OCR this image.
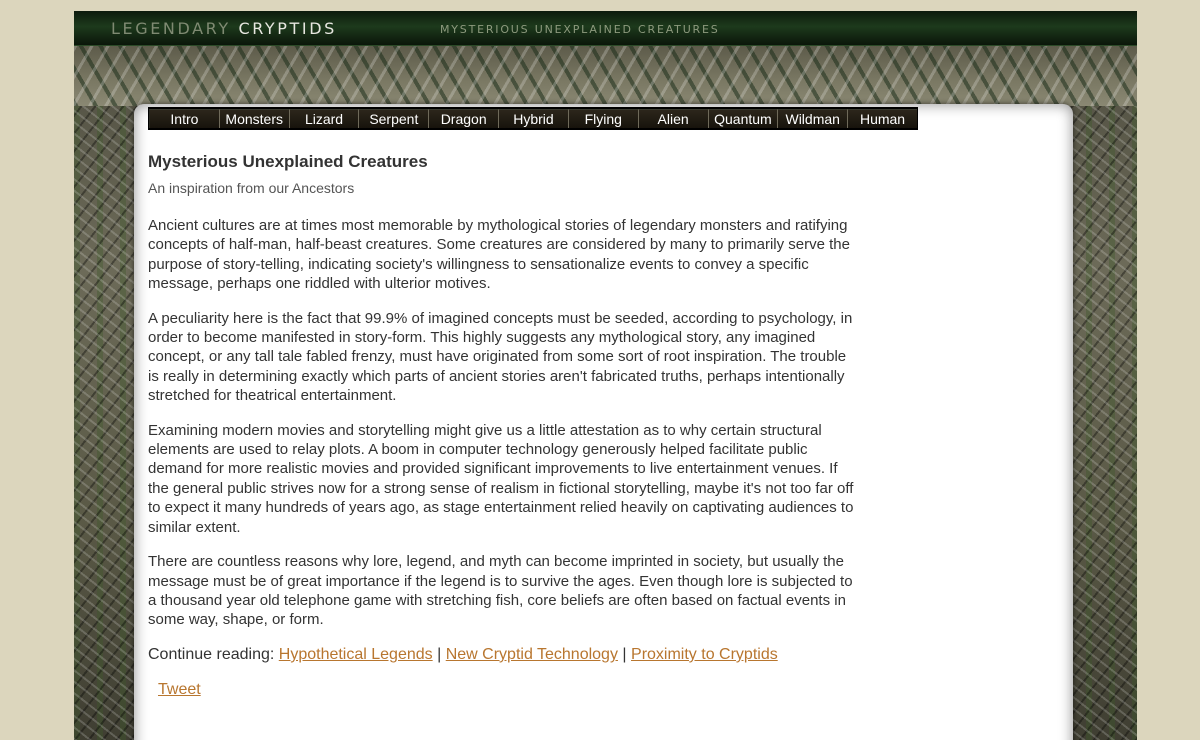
LEGENDARY CRYPTIDS	MYSTERIOUS UNEXPLAINED CREATURES
Intro	Monsters	Lizard	Serpent	Dragon	Hybrid	Flying	Alien	Quantum Wildman	Human
Mysterious Unexplained Creatures
An inspiration from our Ancestors

Ancient cultures are at times most memorable by mythological stories of legendary monsters and ratifying concepts of half-man, half-beast creatures. Some creatures are considered by many to primarily serve the purpose of story-telling, indicating society's willingness to sensationalize events to convey a specific message, perhaps one riddled with ulterior motives.

A peculiarity here is the fact that 99.9% of imagined concepts must be seeded, according to psychology, in order to become manifested in story-form. This highly suggests any mythological story, any imagined concept, or any tall tale fabled frenzy, must have originated from some sort of root inspiration. The trouble is really in determining exactly which parts of ancient stories aren't fabricated truths, perhaps intentionally stretched for theatrical entertainment.

Examining modern movies and storytelling might give us a little attestation as to why certain structural elements are used to relay plots. A boom in computer technology generously helped facilitate public demand for more realistic movies and provided significant improvements to live entertainment venues. If the general public strives now for a strong sense of realism in fictional storytelling, maybe it's not too far off to expect it many hundreds of years ago, as stage entertainment relied heavily on captivating audiences to similar extent.

There are countless reasons why lore, legend, and myth can become imprinted in society, but usually the message must be of great importance if the legend is to survive the ages. Even though lore is subjected to a thousand year old telephone game with stretching fish, core beliefs are often based on factual events in some way, shape, or form.

Continue reading: Hypothetical Legends | New Cryptid Technology | Proximity to Cryptids
Tweet
